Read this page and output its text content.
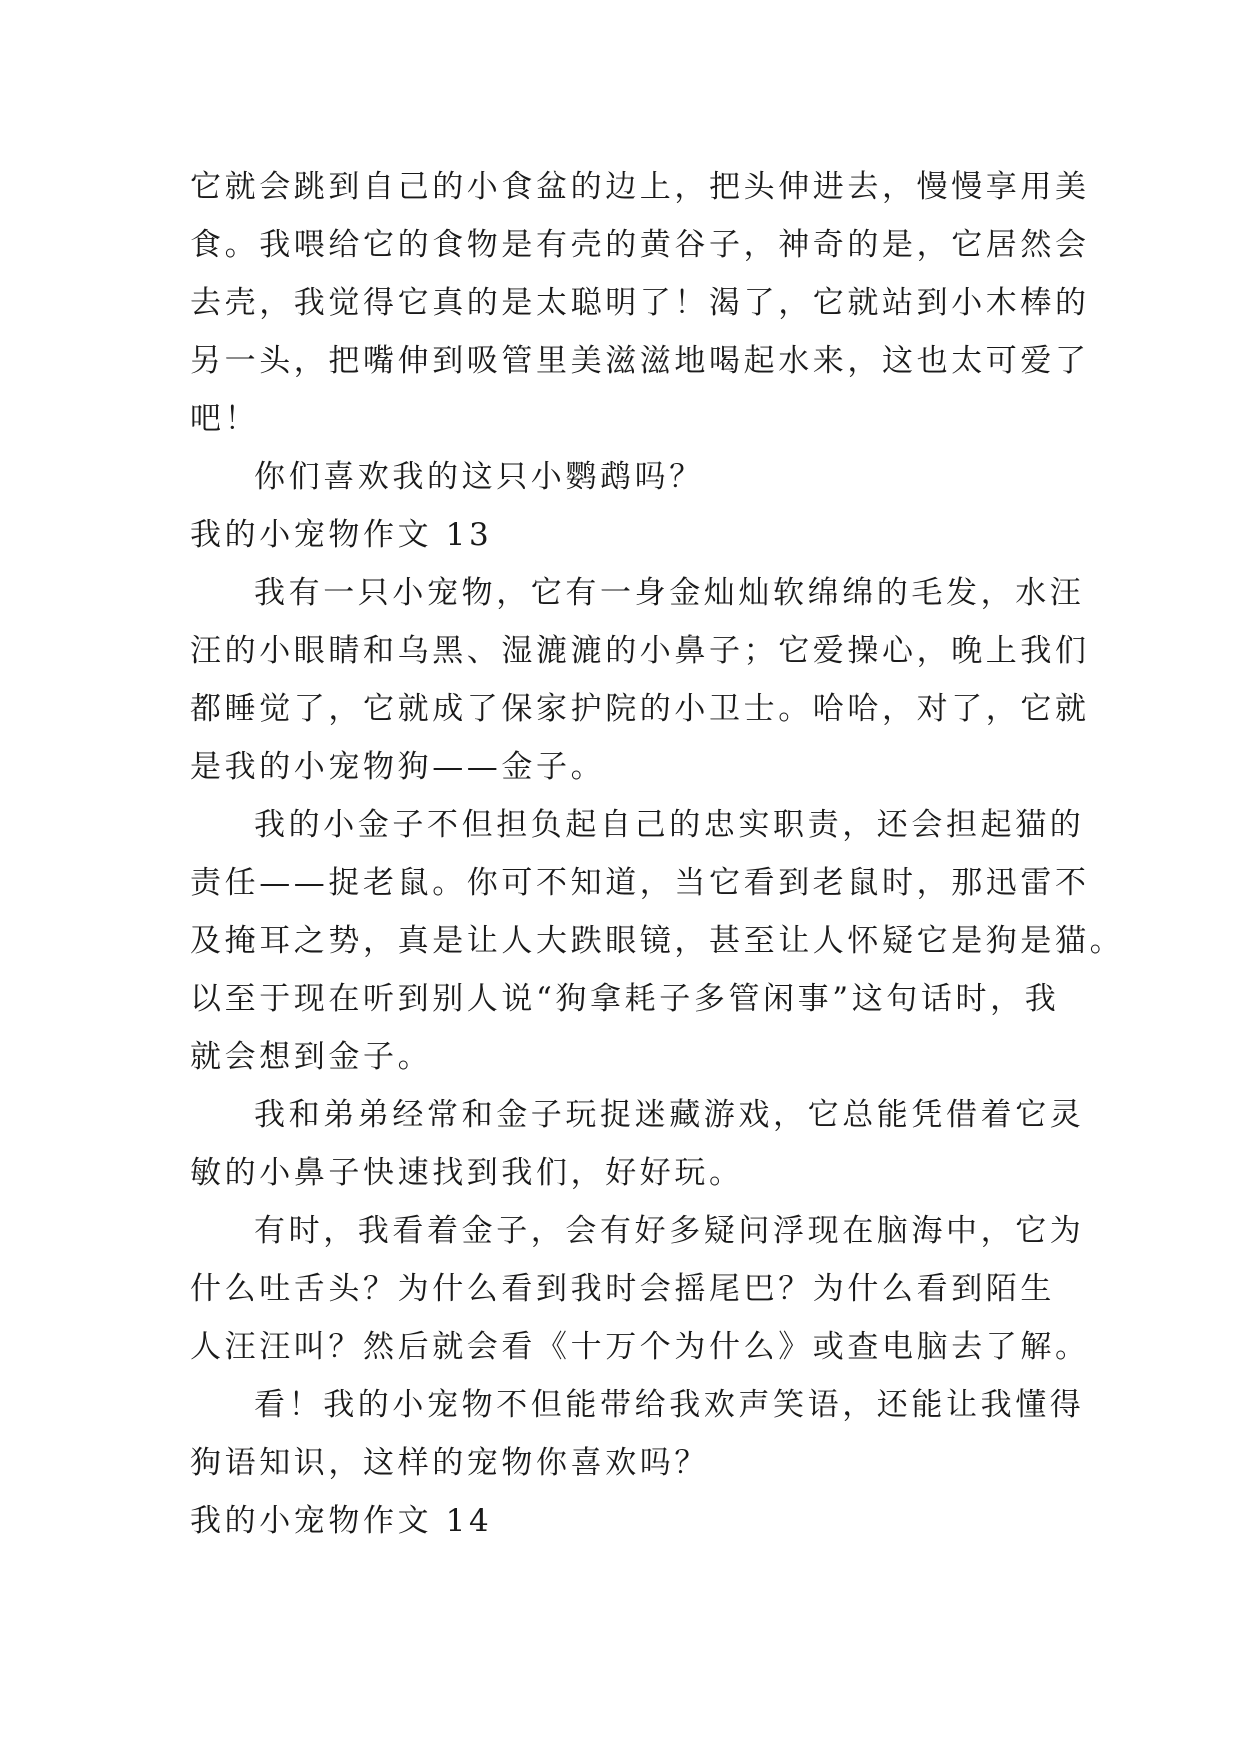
它就会跳到自己的小食盆的边上，把头伸进去，慢慢享用美
食。我喂给它的食物是有壳的黄谷子，神奇的是，它居然会
去壳，我觉得它真的是太聪明了！渴了，它就站到小木棒的
另一头，把嘴伸到吸管里美滋滋地喝起水来，这也太可爱了
吧！
你们喜欢我的这只小鹦鹉吗？
我的小宠物作文 13
我有一只小宠物，它有一身金灿灿软绵绵的毛发，水汪
汪的小眼睛和乌黑、湿漉漉的小鼻子；它爱操心，晚上我们
都睡觉了，它就成了保家护院的小卫士。哈哈，对了，它就
是我的小宠物狗——金子。
我的小金子不但担负起自己的忠实职责，还会担起猫的
责任——捉老鼠。你可不知道，当它看到老鼠时，那迅雷不
及掩耳之势，真是让人大跌眼镜，甚至让人怀疑它是狗是猫。
以至于现在听到别人说“狗拿耗子多管闲事”这句话时，我
就会想到金子。
我和弟弟经常和金子玩捉迷藏游戏，它总能凭借着它灵
敏的小鼻子快速找到我们，好好玩。
有时，我看着金子，会有好多疑问浮现在脑海中，它为
什么吐舌头？为什么看到我时会摇尾巴？为什么看到陌生
人汪汪叫？然后就会看《十万个为什么》或查电脑去了解。
看！我的小宠物不但能带给我欢声笑语，还能让我懂得
狗语知识，这样的宠物你喜欢吗？
我的小宠物作文 14
